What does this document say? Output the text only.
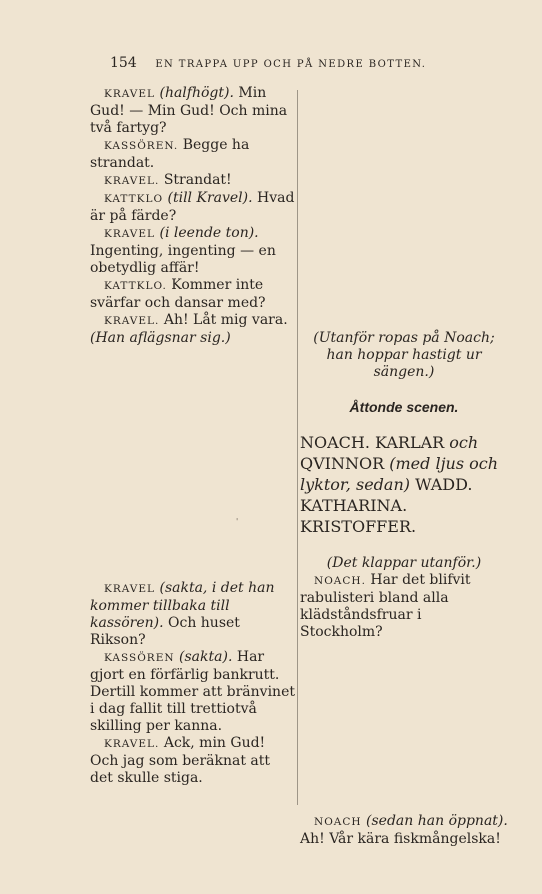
154 EN TRAPPA UPP OCH PÅ NEDRE BOTTEN.

KRAVEL (halfhögt). Min Gud! — Min Gud! Och mina två fartyg?

KASSÖREN. Begge ha strandat.

KRAVEL. Strandat!

KATTKLO (till Kravel). Hvad är på färde?

KRAVEL (i leende ton). Ingenting, ingenting — en obetydlig affär!

KATTKLO. Kommer inte svärfar och dansar med?

KRAVEL. Ah! Låt mig vara.

(Han aflägsnar sig.)

KRAVEL (sakta, i det han kommer tillbaka till kassören). Och huset Rikson?

KASSÖREN (sakta). Har gjort en förfärlig bankrutt. Dertill kommer att bränvinet i dag fallit till trettiotvå skilling per kanna.

KRAVEL. Ack, min Gud! Och jag som beräknat att det skulle stiga.

(Utanför ropas på Noach; han hoppar hastigt ur sängen.)

Åttonde scenen.

NOACH. KARLAR och QVINNOR (med ljus och lyktor, sedan) WADD. KATHARINA. KRISTOFFER.

(Det klappar utanför.)

NOACH. Har det blifvit rabulisteri bland alla klädståndsfruar i Stockholm?

NOACH (sedan han öppnat). Ah! Vår kära fiskmångelska!

'
